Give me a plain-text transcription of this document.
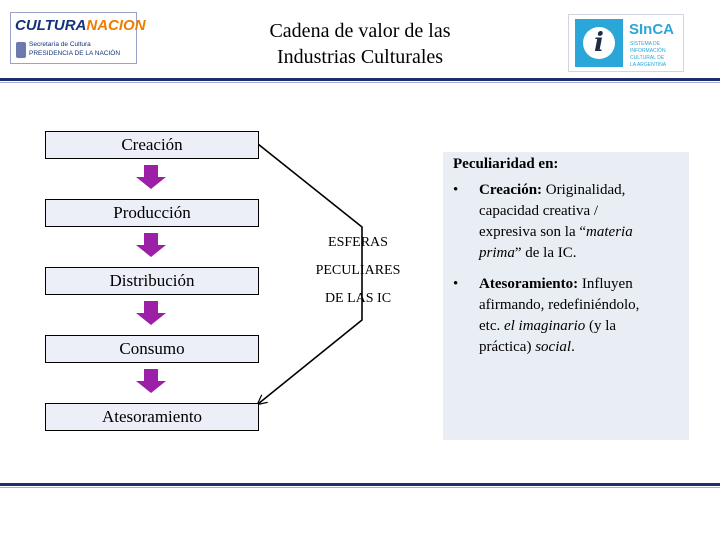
CULTURANACION
Secretaría de Cultura
PRESIDENCIA DE LA NACIÓN
Cadena de valor de las
Industrias Culturales	i	SInCA
SISTEMA DE
INFORMACIÓN
CULTURAL DE
LA ARGENTINA
Creación
Producción
Distribución
Consumo
Atesoramiento
ESFERAS
PECULIARES
DE LAS IC
Peculiaridad en:
•	Creación: Originalidad,
capacidad creativa /
expresiva son la “materia
prima” de la IC.
•	Atesoramiento: Influyen
afirmando, redefiniéndolo,
etc. el imaginario (y la
práctica) social.
